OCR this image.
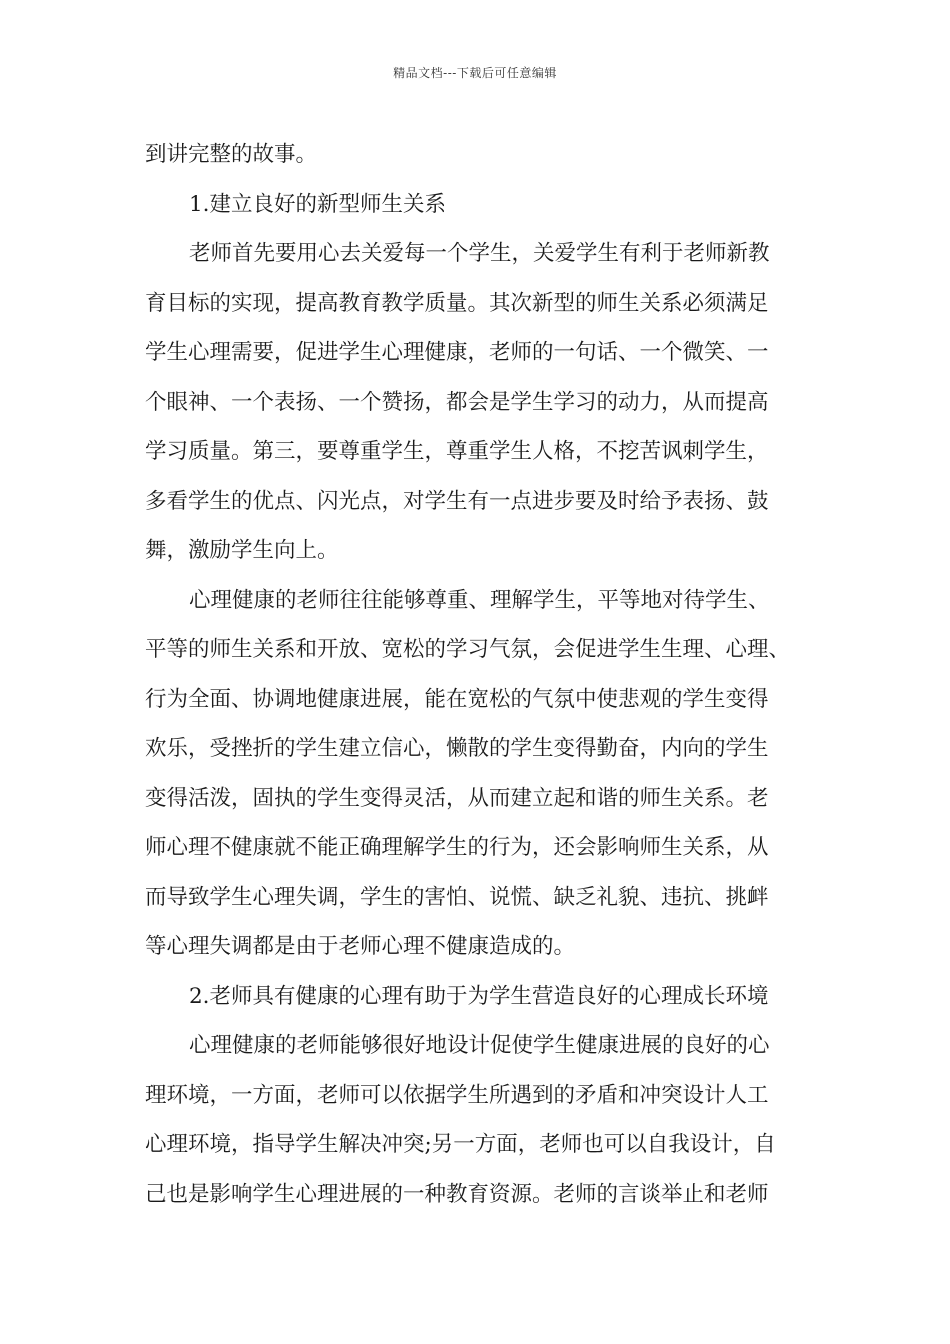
精品文档---下载后可任意编辑
到讲完整的故事。
1.建立良好的新型师生关系
老师首先要用心去关爱每一个学生，关爱学生有利于老师新教
育目标的实现，提高教育教学质量。其次新型的师生关系必须满足
学生心理需要，促进学生心理健康，老师的一句话、一个微笑、一
个眼神、一个表扬、一个赞扬，都会是学生学习的动力，从而提高
学习质量。第三，要尊重学生，尊重学生人格，不挖苦讽刺学生，
多看学生的优点、闪光点，对学生有一点进步要及时给予表扬、鼓
舞，激励学生向上。
心理健康的老师往往能够尊重、理解学生，平等地对待学生、
平等的师生关系和开放、宽松的学习气氛，会促进学生生理、心理、
行为全面、协调地健康进展，能在宽松的气氛中使悲观的学生变得
欢乐，受挫折的学生建立信心，懒散的学生变得勤奋，内向的学生
变得活泼，固执的学生变得灵活，从而建立起和谐的师生关系。老
师心理不健康就不能正确理解学生的行为，还会影响师生关系，从
而导致学生心理失调，学生的害怕、说慌、缺乏礼貌、违抗、挑衅
等心理失调都是由于老师心理不健康造成的。
2.老师具有健康的心理有助于为学生营造良好的心理成长环境
心理健康的老师能够很好地设计促使学生健康进展的良好的心
理环境，一方面，老师可以依据学生所遇到的矛盾和冲突设计人工
心理环境，指导学生解决冲突;另一方面，老师也可以自我设计，自
己也是影响学生心理进展的一种教育资源。老师的言谈举止和老师
